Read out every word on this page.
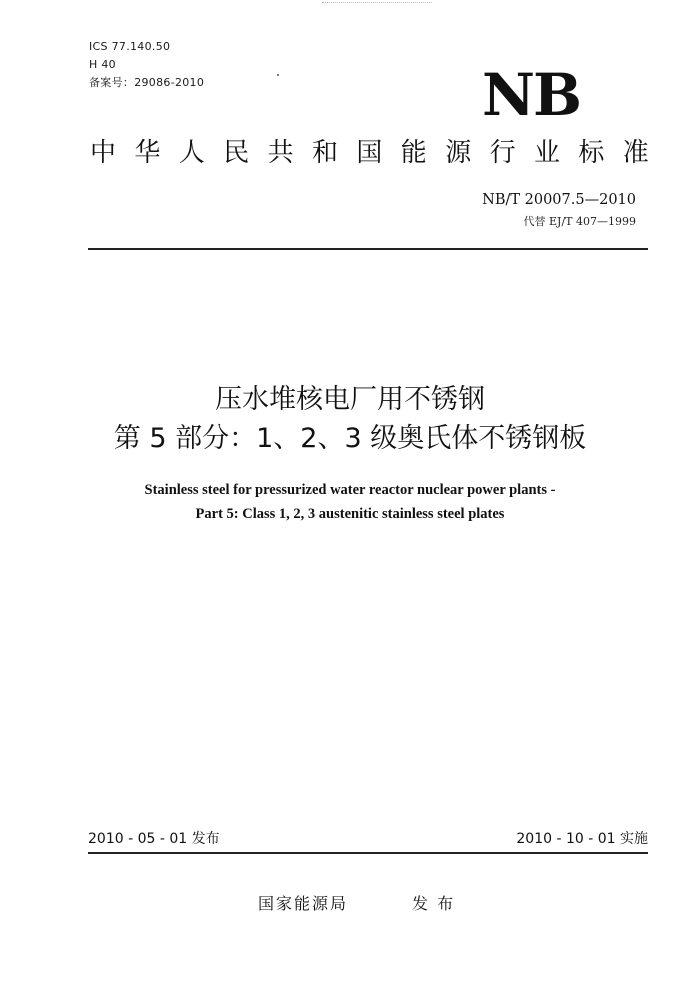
ICS 77.140.50
H 40
备案号：29086-2010	NB
中华人民共和国能源行业标准
NB/T 20007.5—2010
代替 EJ/T 407—1999
压水堆核电厂用不锈钢
第 5 部分：1、2、3 级奥氏体不锈钢板
Stainless steel for pressurized water reactor nuclear power plants -
Part 5: Class 1, 2, 3 austenitic stainless steel plates
2010 - 05 - 01 发布	2010 - 10 - 01 实施
国家能源局	发 布
